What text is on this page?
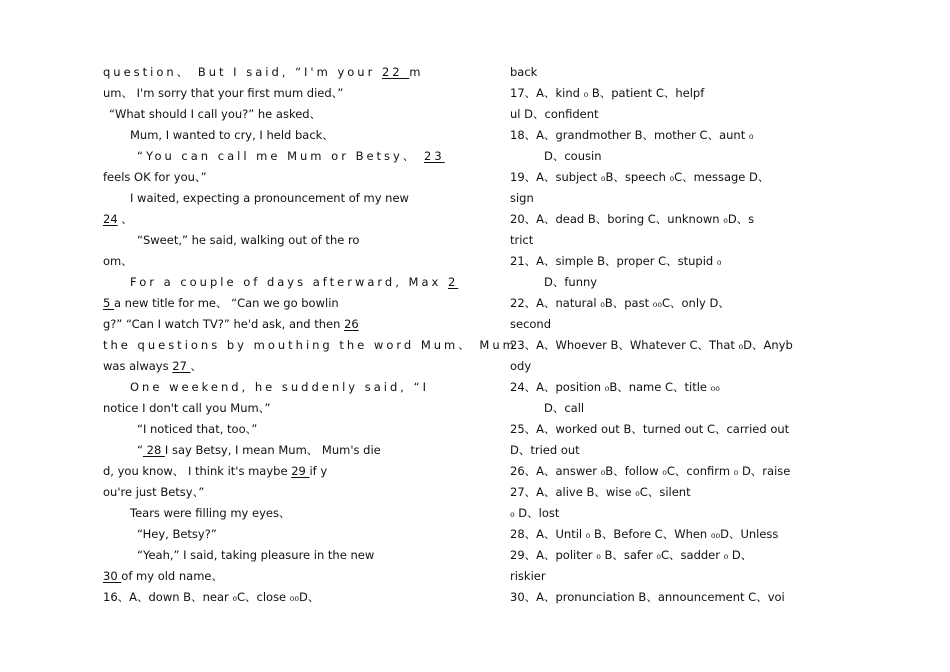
question、 But I said, “I'm your 22 m
um、 I'm sorry that your first mum died、”
“What should I call you?” he asked、
Mum, I wanted to cry, I held back、
“You can call me Mum or Betsy、 23
feels OK for you、”
I waited, expecting a pronouncement of my new
24 、
“Sweet,” he said, walking out of the ro
om、
For a couple of days afterward, Max 2
5 a new title for me、 “Can we go bowlin
g?” “Can I watch TV?” he'd ask, and then 26
the questions by mouthing the word Mum、 Mum
was always 27 、
One weekend, he suddenly said, “I
notice I don't call you Mum、”
“I noticed that, too、”
“ 28 I say Betsy, I mean Mum、 Mum's die
d, you know、 I think it's maybe 29 if y
ou're just Betsy、”
Tears were filling my eyes、
“Hey, Betsy?”
“Yeah,” I said, taking pleasure in the new
30 of my old name、
16、A、down B、near ₀C、close ₀₀D、
back
17、A、kind ₀ B、patient C、helpf
ul D、confident
18、A、grandmother B、mother C、aunt ₀
D、cousin
19、A、subject ₀B、speech ₀C、message D、
sign
20、A、dead B、boring C、unknown ₀D、s
trict
21、A、simple B、proper C、stupid ₀
D、funny
22、A、natural ₀B、past ₀₀C、only D、
second
23、A、Whoever B、Whatever C、That ₀D、Anyb
ody
24、A、position ₀B、name C、title ₀₀
D、call
25、A、worked out B、turned out C、carried out
D、tried out
26、A、answer ₀B、follow ₀C、confirm ₀ D、raise
27、A、alive B、wise ₀C、silent
₀ D、lost
28、A、Until ₀ B、Before C、When ₀₀D、Unless
29、A、politer ₀ B、safer ₀C、sadder ₀ D、
riskier
30、A、pronunciation B、announcement C、voi
